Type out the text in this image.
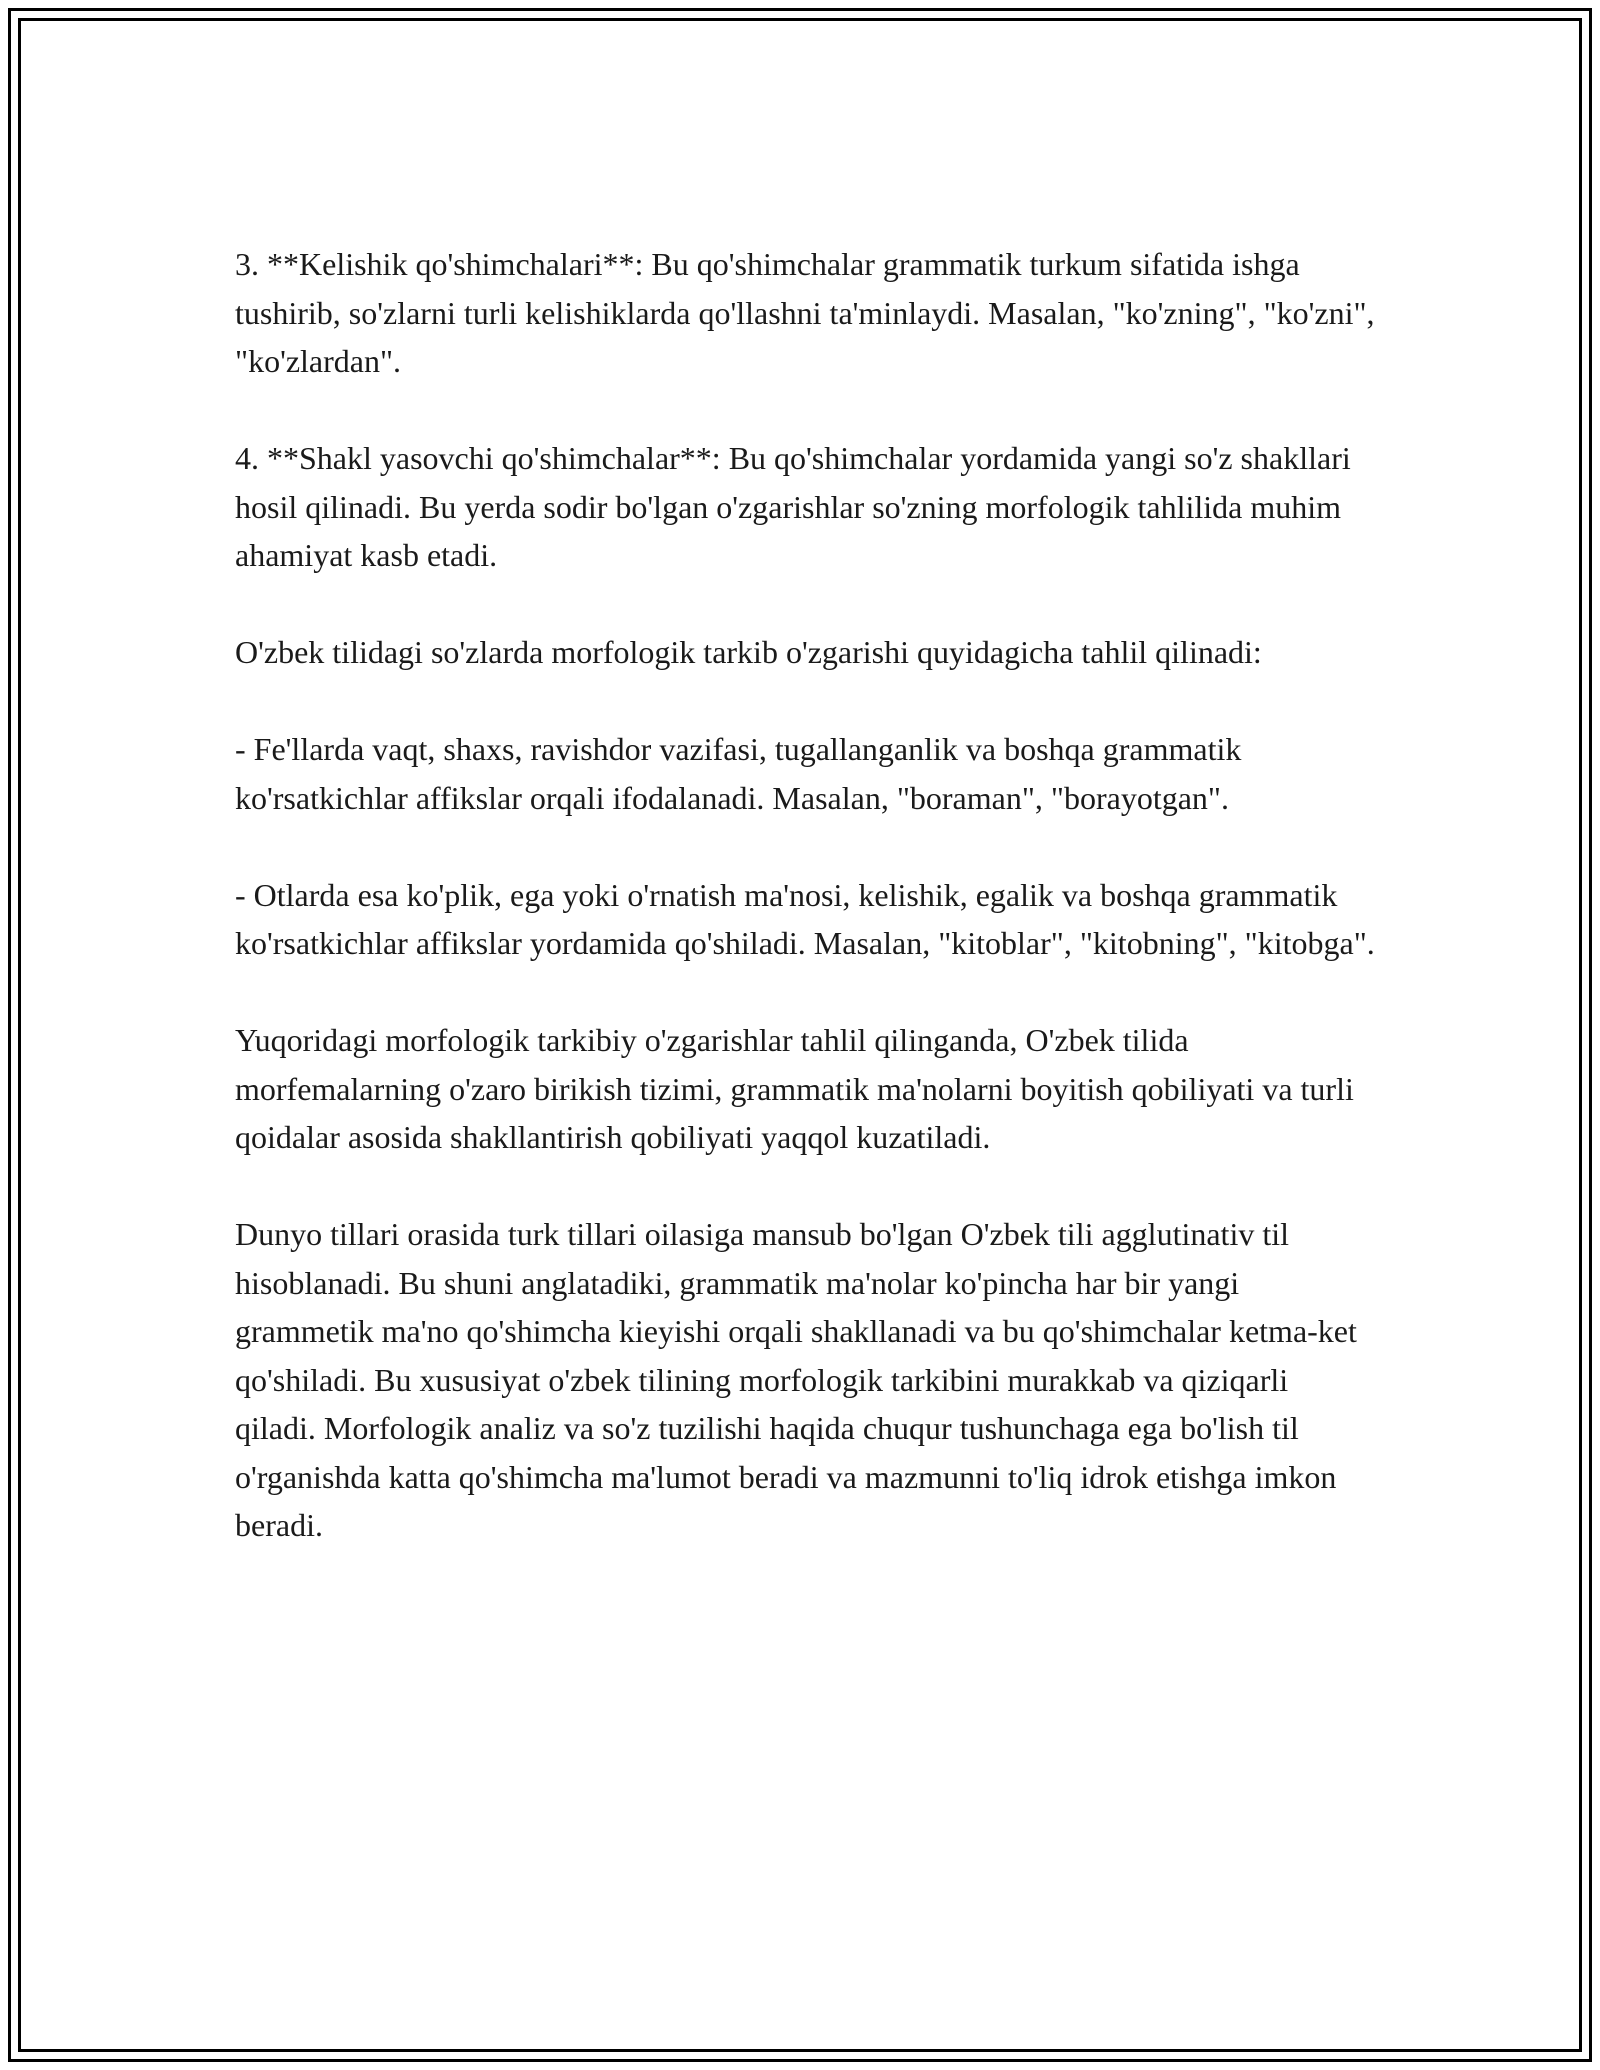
3. **Kelishik qo'shimchalari**: Bu qo'shimchalar grammatik turkum sifatida ishga tushirib, so'zlarni turli kelishiklarda qo'llashni ta'minlaydi. Masalan, "ko'zning", "ko'zni", "ko'zlardan".

4. **Shakl yasovchi qo'shimchalar**: Bu qo'shimchalar yordamida yangi so'z shakllari hosil qilinadi. Bu yerda sodir bo'lgan o'zgarishlar so'zning morfologik tahlilida muhim ahamiyat kasb etadi.

O'zbek tilidagi so'zlarda morfologik tarkib o'zgarishi quyidagicha tahlil qilinadi:

- Fe'llarda vaqt, shaxs, ravishdor vazifasi, tugallanganlik va boshqa grammatik ko'rsatkichlar affikslar orqali ifodalanadi. Masalan, "boraman", "borayotgan".

- Otlarda esa ko'plik, ega yoki o'rnatish ma'nosi, kelishik, egalik va boshqa grammatik ko'rsatkichlar affikslar yordamida qo'shiladi. Masalan, "kitoblar", "kitobning", "kitobga".

Yuqoridagi morfologik tarkibiy o'zgarishlar tahlil qilinganda, O'zbek tilida morfemalarning o'zaro birikish tizimi, grammatik ma'nolarni boyitish qobiliyati va turli qoidalar asosida shakllantirish qobiliyati yaqqol kuzatiladi.

Dunyo tillari orasida turk tillari oilasiga mansub bo'lgan O'zbek tili agglutinativ til hisoblanadi. Bu shuni anglatadiki, grammatik ma'nolar ko'pincha har bir yangi grammetik ma'no qo'shimcha kieyishi orqali shakllanadi va bu qo'shimchalar ketma-ket qo'shiladi. Bu xususiyat o'zbek tilining morfologik tarkibini murakkab va qiziqarli qiladi. Morfologik analiz va so'z tuzilishi haqida chuqur tushunchaga ega bo'lish til o'rganishda katta qo'shimcha ma'lumot beradi va mazmunni to'liq idrok etishga imkon beradi.
